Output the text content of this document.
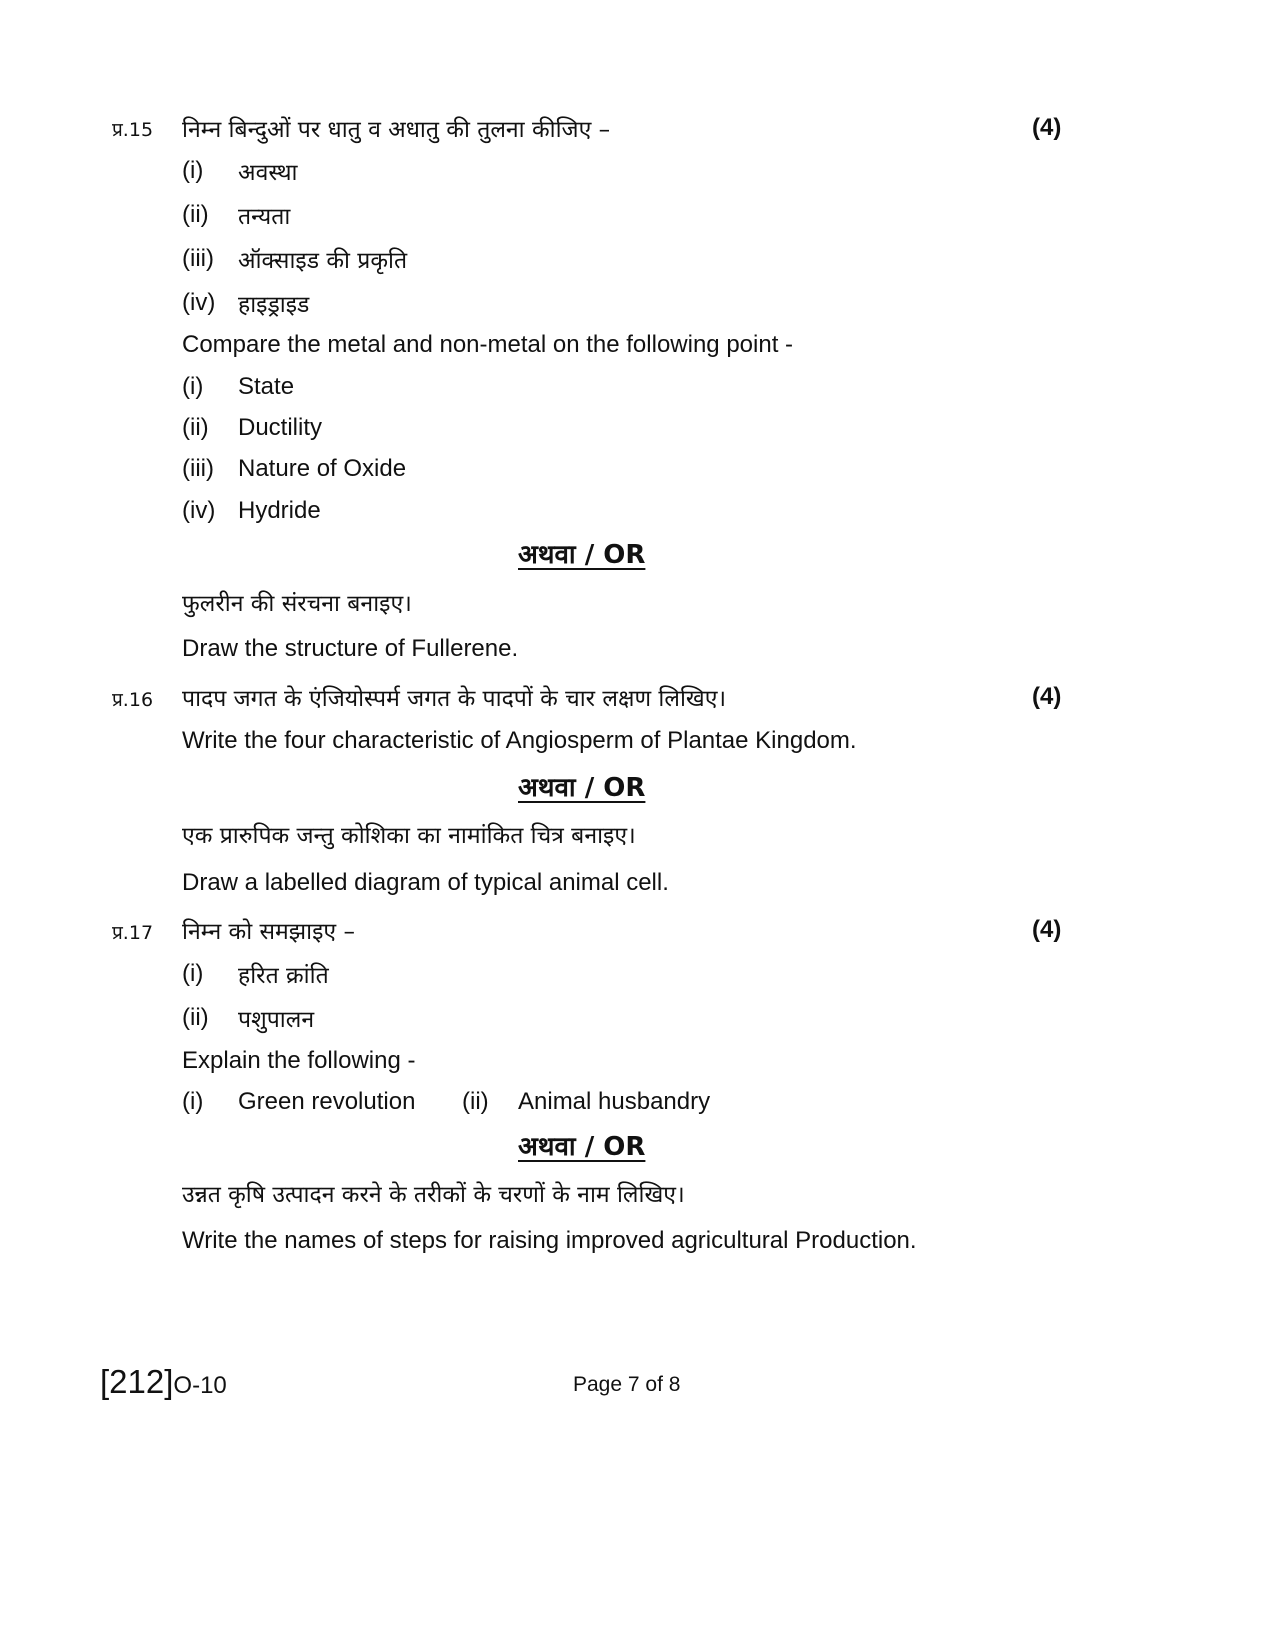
प्र.15 निम्न बिन्दुओं पर धातु व अधातु की तुलना कीजिए –	(4)
(i) अवस्था
(ii) तन्यता
(iii) ऑक्साइड की प्रकृति
(iv) हाइड्राइड
Compare the metal and non-metal on the following point -
(i) State
(ii) Ductility
(iii) Nature of Oxide
(iv) Hydride
अथवा / OR
फुलरीन की संरचना बनाइए।
Draw the structure of Fullerene.
प्र.16 पादप जगत के एंजियोस्पर्म जगत के पादपों के चार लक्षण लिखिए।	(4)
Write the four characteristic of Angiosperm of Plantae Kingdom.
अथवा / OR
एक प्रारुपिक जन्तु कोशिका का नामांकित चित्र बनाइए।
Draw a labelled diagram of typical animal cell.
प्र.17 निम्न को समझाइए –	(4)
(i) हरित क्रांति
(ii) पशुपालन
Explain the following -
(i) Green revolution (ii) Animal husbandry
अथवा / OR
उन्नत कृषि उत्पादन करने के तरीकों के चरणों के नाम लिखिए।
Write the names of steps for raising improved agricultural Production.
[212]O-10	Page 7 of 8
